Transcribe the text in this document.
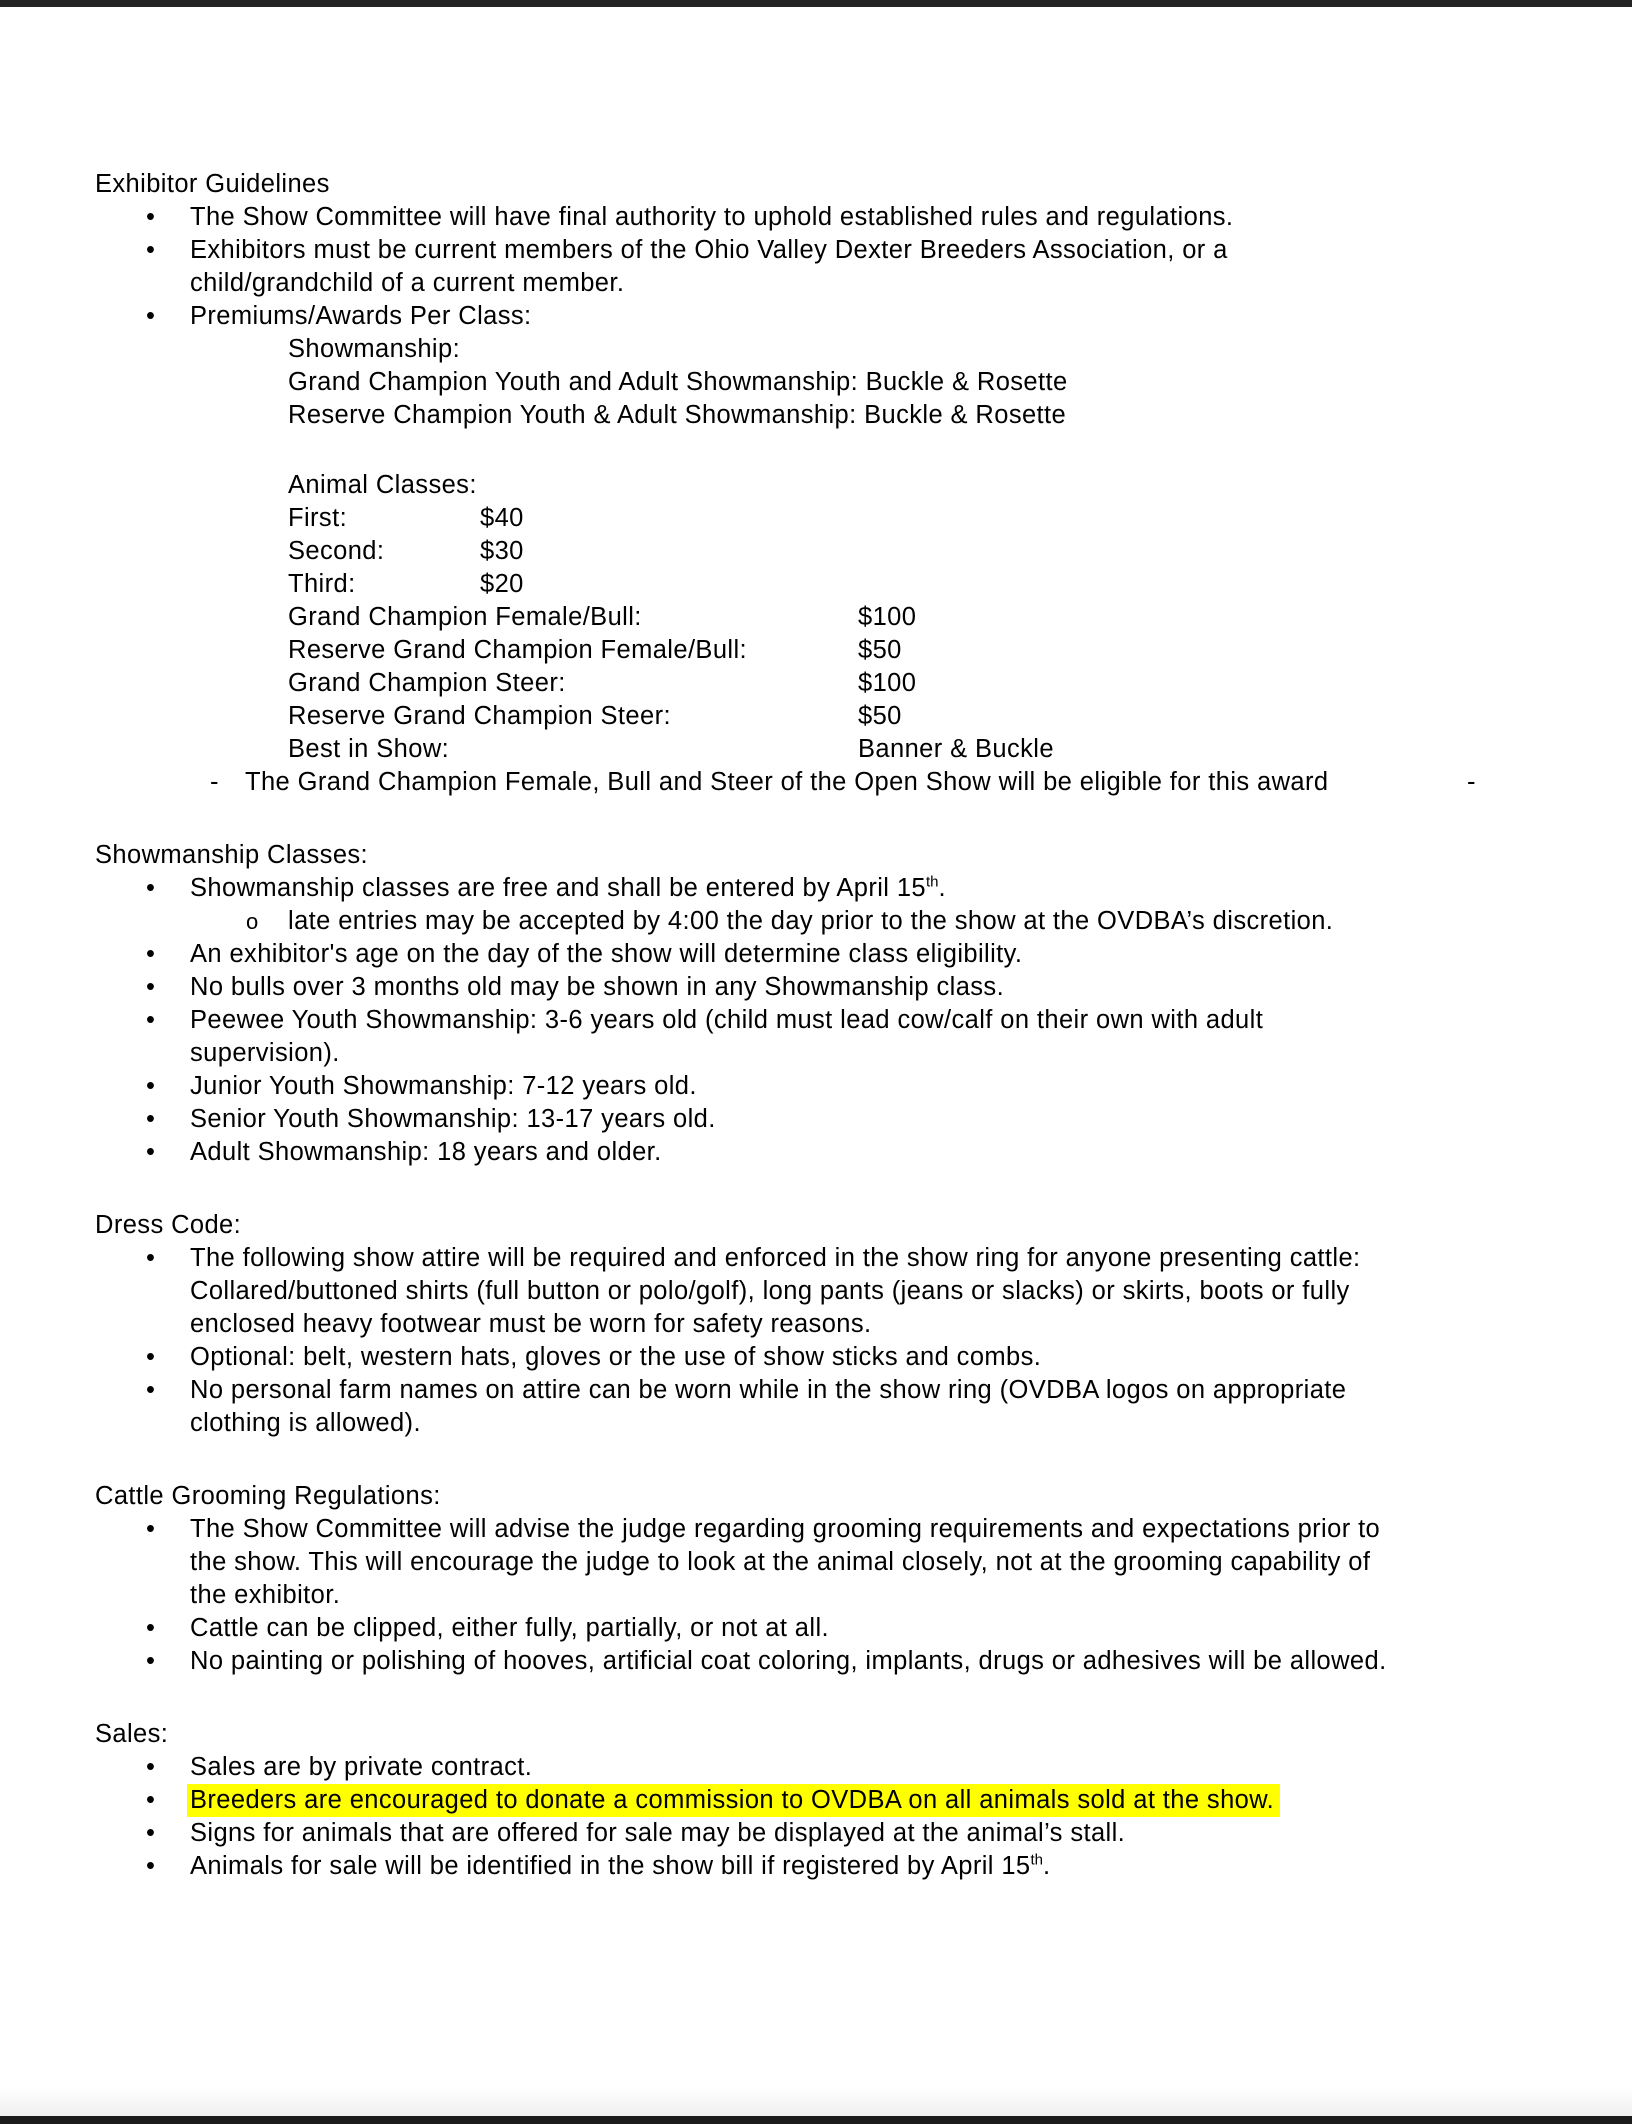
Exhibitor Guidelines
• The Show Committee will have final authority to uphold established rules and regulations.
• Exhibitors must be current members of the Ohio Valley Dexter Breeders Association, or a
child/grandchild of a current member.
• Premiums/Awards Per Class:
Showmanship:
Grand Champion Youth and Adult Showmanship: Buckle & Rosette
Reserve Champion Youth & Adult Showmanship: Buckle & Rosette
Animal Classes:
First:	$40
Second:	$30
Third:	$20
Grand Champion Female/Bull:	$100
Reserve Grand Champion Female/Bull:	$50
Grand Champion Steer:	$100
Reserve Grand Champion Steer:	$50
Best in Show:	Banner & Buckle
- The Grand Champion Female, Bull and Steer of the Open Show will be eligible for this award	-
Showmanship Classes:
• Showmanship classes are free and shall be entered by April 15th.
o late entries may be accepted by 4:00 the day prior to the show at the OVDBA’s discretion.
• An exhibitor's age on the day of the show will determine class eligibility.
• No bulls over 3 months old may be shown in any Showmanship class.
• Peewee Youth Showmanship: 3-6 years old (child must lead cow/calf on their own with adult
supervision).
• Junior Youth Showmanship: 7-12 years old.
• Senior Youth Showmanship: 13-17 years old.
• Adult Showmanship: 18 years and older.
Dress Code:
• The following show attire will be required and enforced in the show ring for anyone presenting cattle:
Collared/buttoned shirts (full button or polo/golf), long pants (jeans or slacks) or skirts, boots or fully
enclosed heavy footwear must be worn for safety reasons.
• Optional: belt, western hats, gloves or the use of show sticks and combs.
• No personal farm names on attire can be worn while in the show ring (OVDBA logos on appropriate
clothing is allowed).
Cattle Grooming Regulations:
• The Show Committee will advise the judge regarding grooming requirements and expectations prior to
the show. This will encourage the judge to look at the animal closely, not at the grooming capability of
the exhibitor.
• Cattle can be clipped, either fully, partially, or not at all.
• No painting or polishing of hooves, artificial coat coloring, implants, drugs or adhesives will be allowed.
Sales:
• Sales are by private contract.
• Breeders are encouraged to donate a commission to OVDBA on all animals sold at the show.
• Signs for animals that are offered for sale may be displayed at the animal’s stall.
• Animals for sale will be identified in the show bill if registered by April 15th.
